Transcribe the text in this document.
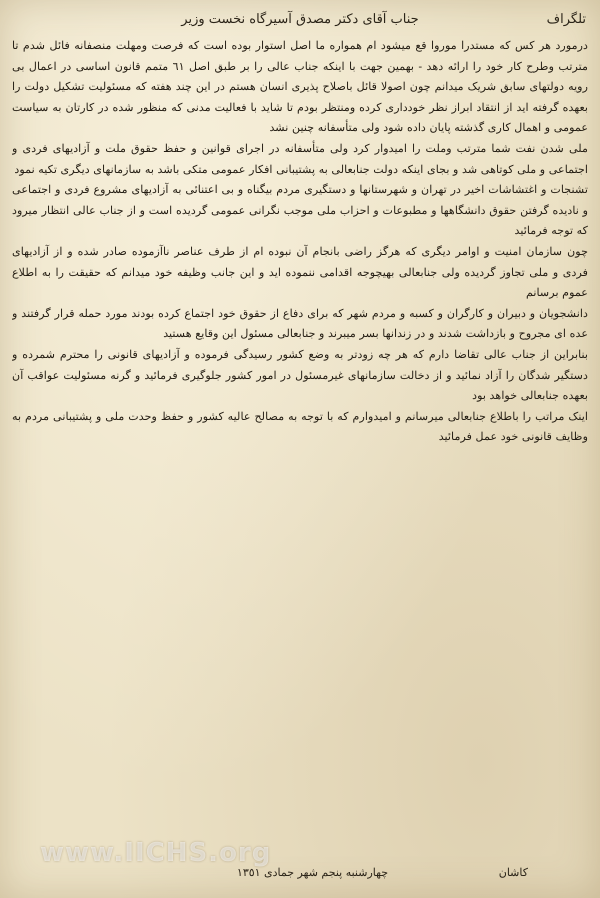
تلگراف
جناب آقای دکتر مصدق آسیرگاه نخست وزیر

درمورد هر کس که مستدرا موروا قع میشود ام همواره ما اصل استوار بوده است که فرصت ومهلت منصفانه فائل شدم تا مترتب وطرح کار خود را ارائه دهد - بهمین جهت با اینکه جناب عالی را بر طبق اصل ٦١ متمم قانون اساسی در اعمال بی رویه دولتهای سابق شریک میدانم چون اصولا قائل باصلاح پذیری انسان هستم در این چند هفته که مسئولیت تشکیل دولت را بعهده گرفته اید از انتقاد ابراز نظر خودداری کرده ومنتظر بودم تا شاید با فعالیت مدنی که منظور شده در کارتان به سیاست عمومی و اهمال کاری گذشته پایان داده شود ولی متأسفانه چنین نشد

ملی شدن نفت شما مترتب وملت را امیدوار کرد ولی متأسفانه در اجرای قوانین و حفظ حقوق ملت و آزادیهای فردی و اجتماعی و ملی کوتاهی شد و بجای اینکه دولت جنابعالی به پشتیبانی افکار عمومی متکی باشد به سازمانهای دیگری تکیه نمود

تشنجات و اغتشاشات اخیر در تهران و شهرستانها و دستگیری مردم بیگناه و بی اعتنائی به آزادیهای مشروع فردی و اجتماعی و نادیده گرفتن حقوق دانشگاهها و مطبوعات و احزاب ملی موجب نگرانی عمومی گردیده است و از جناب عالی انتظار میرود که توجه فرمائید

چون سازمان امنیت و اوامر دیگری که هرگز راضی بانجام آن نبوده ام از طرف عناصر ناآزموده صادر شده و از آزادیهای فردی و ملی تجاوز گردیده ولی جنابعالی بهیچوجه اقدامی ننموده اید و این جانب وظیفه خود میدانم که حقیقت را به اطلاع عموم برسانم

دانشجویان و دبیران و کارگران و کسبه و مردم شهر که برای دفاع از حقوق خود اجتماع کرده بودند مورد حمله قرار گرفتند و عده ای مجروح و بازداشت شدند و در زندانها بسر میبرند و جنابعالی مسئول این وقایع هستید

بنابراین از جناب عالی تقاضا دارم که هر چه زودتر به وضع کشور رسیدگی فرموده و آزادیهای قانونی را محترم شمرده و دستگیر شدگان را آزاد نمائید و از دخالت سازمانهای غیرمسئول در امور کشور جلوگیری فرمائید و گرنه مسئولیت عواقب آن بعهده جنابعالی خواهد بود

اینک مراتب را باطلاع جنابعالی میرسانم و امیدوارم که با توجه به مصالح عالیه کشور و حفظ وحدت ملی و پشتیبانی مردم به وظایف قانونی خود عمل فرمائید

چهارشنبه پنجم شهر جمادی ١٣٥١	کاشان
www.IICHS.org
